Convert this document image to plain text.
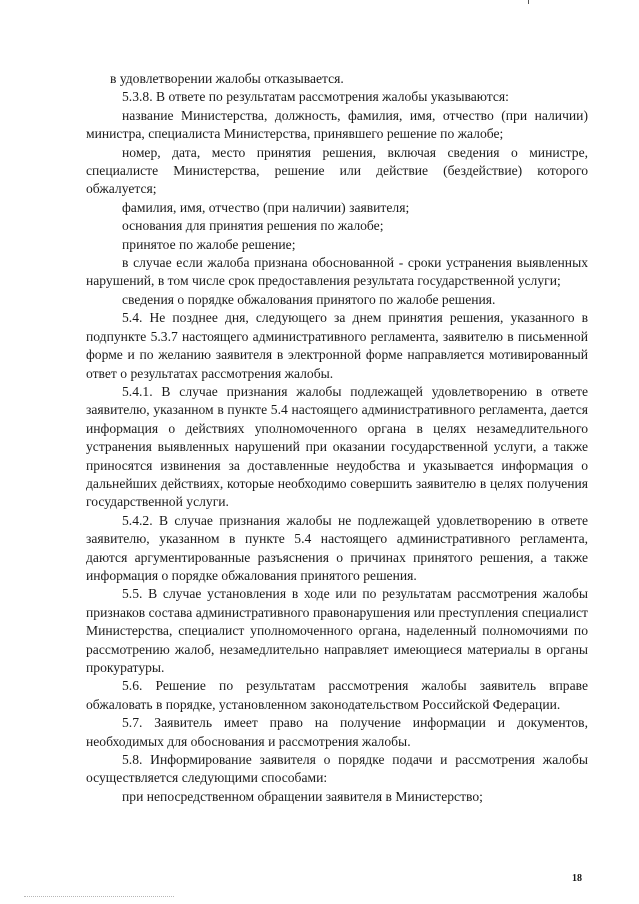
в удовлетворении жалобы отказывается.

5.3.8. В ответе по результатам рассмотрения жалобы указываются:

название Министерства, должность, фамилия, имя, отчество (при наличии) министра, специалиста Министерства, принявшего решение по жалобе;

номер, дата, место принятия решения, включая сведения о министре, специалисте Министерства, решение или действие (бездействие) которого обжалуется;

фамилия, имя, отчество (при наличии) заявителя;

основания для принятия решения по жалобе;

принятое по жалобе решение;

в случае если жалоба признана обоснованной - сроки устранения выявленных нарушений, в том числе срок предоставления результата государственной услуги;

сведения о порядке обжалования принятого по жалобе решения.

5.4. Не позднее дня, следующего за днем принятия решения, указанного в подпункте 5.3.7 настоящего административного регламента, заявителю в письменной форме и по желанию заявителя в электронной форме направляется мотивированный ответ о результатах рассмотрения жалобы.

5.4.1. В случае признания жалобы подлежащей удовлетворению в ответе заявителю, указанном в пункте 5.4 настоящего административного регламента, дается информация о действиях уполномоченного органа в целях незамедлительного устранения выявленных нарушений при оказании государственной услуги, а также приносятся извинения за доставленные неудобства и указывается информация о дальнейших действиях, которые необходимо совершить заявителю в целях получения государственной услуги.

5.4.2. В случае признания жалобы не подлежащей удовлетворению в ответе заявителю, указанном в пункте 5.4 настоящего административного регламента, даются аргументированные разъяснения о причинах принятого решения, а также информация о порядке обжалования принятого решения.

5.5. В случае установления в ходе или по результатам рассмотрения жалобы признаков состава административного правонарушения или преступления специалист Министерства, специалист уполномоченного органа, наделенный полномочиями по рассмотрению жалоб, незамедлительно направляет имеющиеся материалы в органы прокуратуры.

5.6. Решение по результатам рассмотрения жалобы заявитель вправе обжаловать в порядке, установленном законодательством Российской Федерации.

5.7. Заявитель имеет право на получение информации и документов, необходимых для обоснования и рассмотрения жалобы.

5.8. Информирование заявителя о порядке подачи и рассмотрения жалобы осуществляется следующими способами:

при непосредственном обращении заявителя в Министерство;

18
